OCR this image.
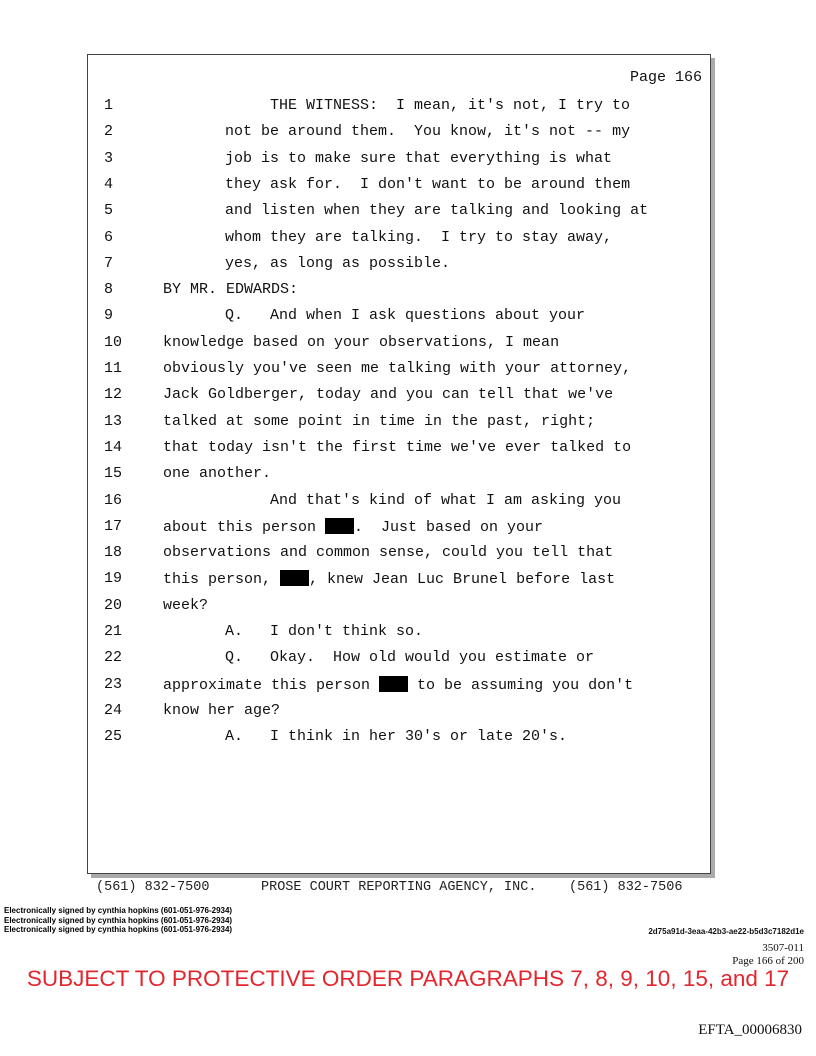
Page 166
1	THE WITNESS:  I mean, it's not, I try to
2	not be around them.  You know, it's not -- my
3	job is to make sure that everything is what
4	they ask for.  I don't want to be around them
5	and listen when they are talking and looking at
6	whom they are talking.  I try to stay away,
7	yes, as long as possible.
8	BY MR. EDWARDS:
9	Q.   And when I ask questions about your
10	knowledge based on your observations, I mean
11	obviously you've seen me talking with your attorney,
12	Jack Goldberger, today and you can tell that we've
13	talked at some point in time in the past, right;
14	that today isn't the first time we've ever talked to
15	one another.
16	And that's kind of what I am asking you
17	about this person .  Just based on your
18	observations and common sense, could you tell that
19	this person, , knew Jean Luc Brunel before last
20	week?
21	A.   I don't think so.
22	Q.   Okay.  How old would you estimate or
23	approximate this person  to be assuming you don't
24	know her age?
25	A.   I think in her 30's or late 20's.
(561) 832-7500	PROSE COURT REPORTING AGENCY, INC. (561) 832-7506
Electronically signed by cynthia hopkins (601-051-976-2934)
Electronically signed by cynthia hopkins (601-051-976-2934)
Electronically signed by cynthia hopkins (601-051-976-2934)	2d75a91d-3eaa-42b3-ae22-b5d3c7182d1e
3507-011
Page 166 of 200
SUBJECT TO PROTECTIVE ORDER PARAGRAPHS 7, 8, 9, 10, 15, and 17
EFTA_00006830
